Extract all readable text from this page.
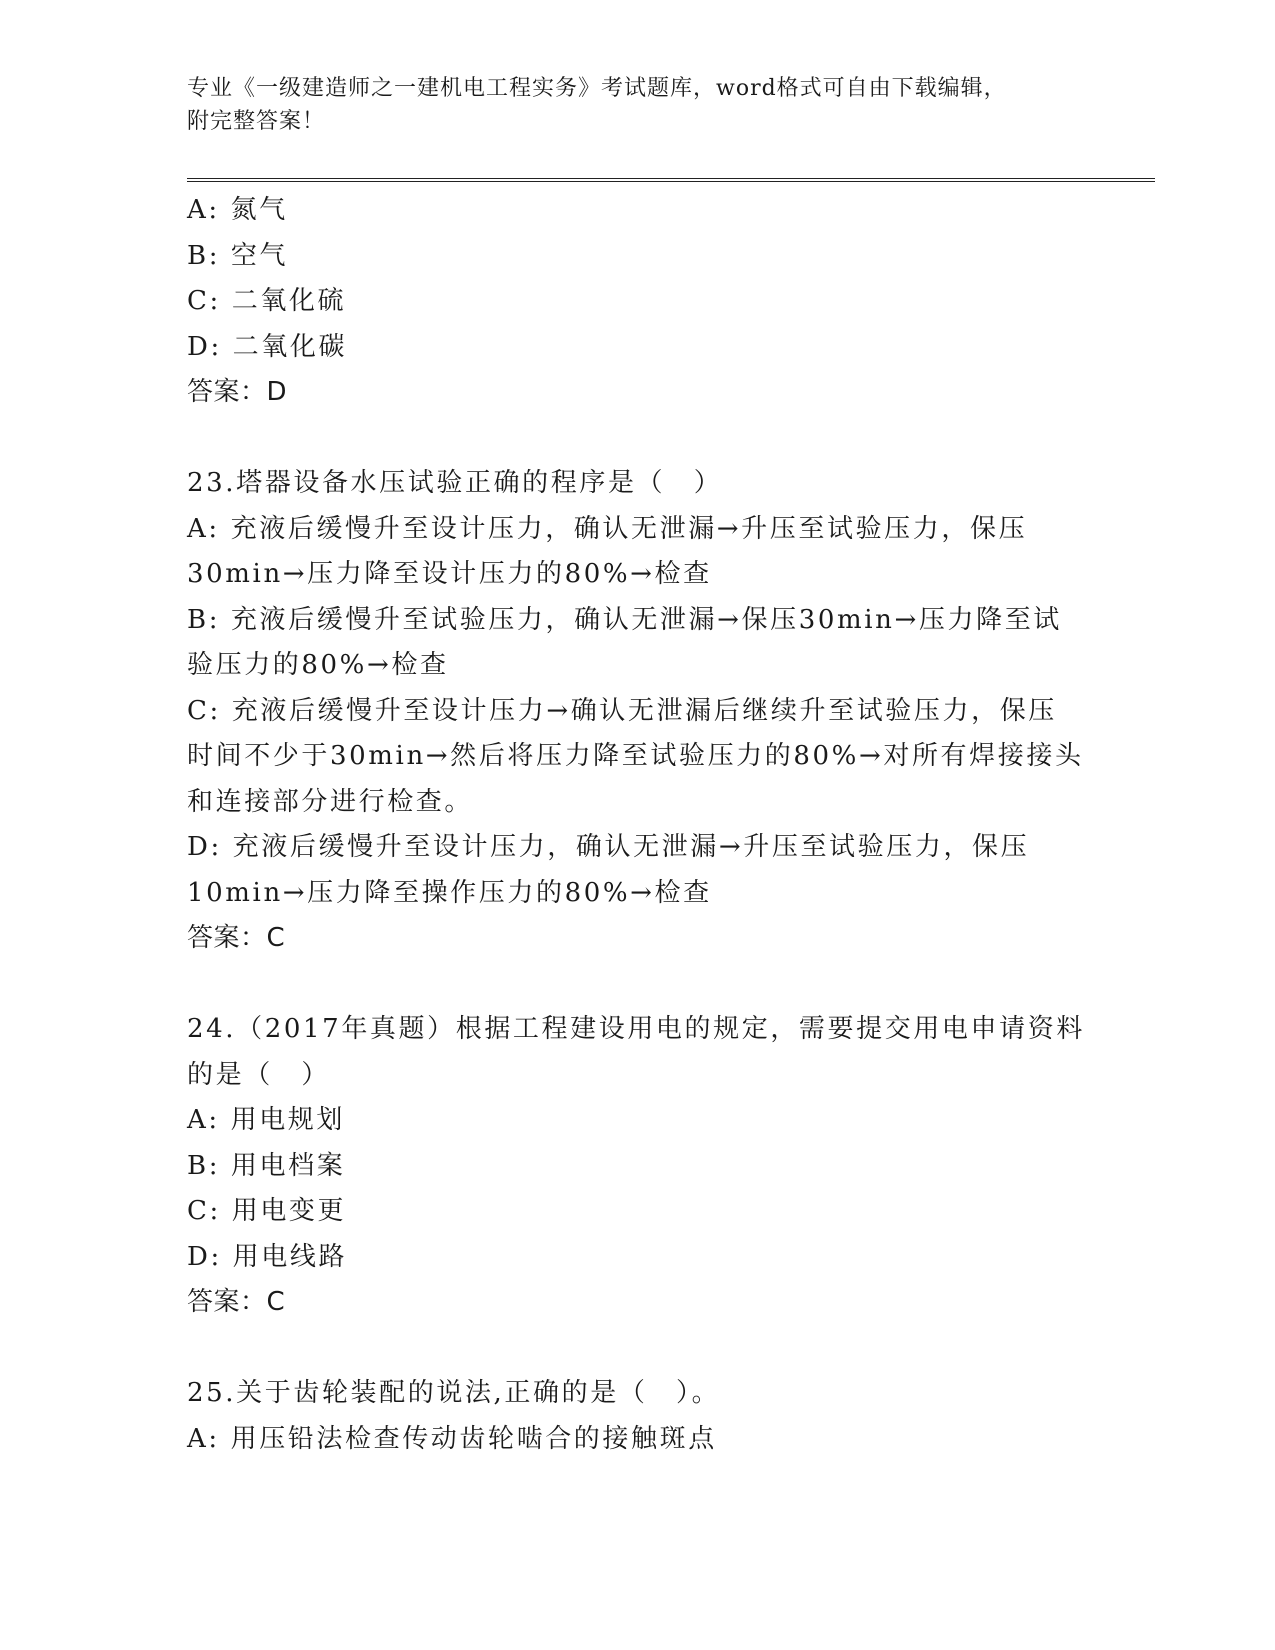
专业《一级建造师之一建机电工程实务》考试题库，word格式可自由下载编辑，
附完整答案！
A: 氮气
B: 空气
C: 二氧化硫
D: 二氧化碳
答案：D
23.塔器设备水压试验正确的程序是（　）
A: 充液后缓慢升至设计压力，确认无泄漏→升压至试验压力，保压
30min→压力降至设计压力的80%→检查
B: 充液后缓慢升至试验压力，确认无泄漏→保压30min→压力降至试
验压力的80%→检查
C: 充液后缓慢升至设计压力→确认无泄漏后继续升至试验压力，保压
时间不少于30min→然后将压力降至试验压力的80%→对所有焊接接头
和连接部分进行检查。
D: 充液后缓慢升至设计压力，确认无泄漏→升压至试验压力，保压
10min→压力降至操作压力的80%→检查
答案：C
24.（2017年真题）根据工程建设用电的规定，需要提交用电申请资料
的是（　）
A: 用电规划
B: 用电档案
C: 用电变更
D: 用电线路
答案：C
25.关于齿轮装配的说法,正确的是（　）。
A: 用压铅法检查传动齿轮啮合的接触斑点
